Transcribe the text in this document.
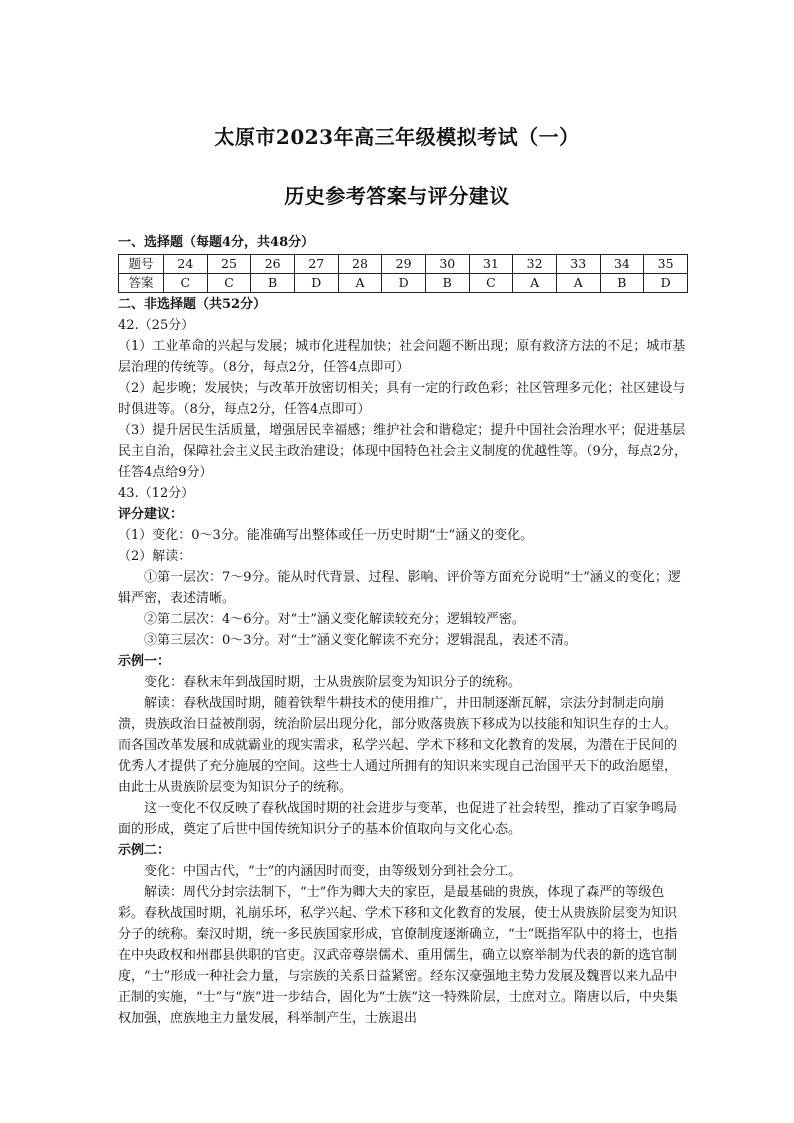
太原市2023年高三年级模拟考试（一）
历史参考答案与评分建议

一、选择题（每题4分，共48分）

题号	24	25	26	27	28	29	30	31	32	33	34	35
答案	C	C	B	D	A	D	B	C	A	A	B	D

二、非选择题（共52分）

42.（25分）

（1）工业革命的兴起与发展；城市化进程加快；社会问题不断出现；原有救济方法的不足；城市基层治理的传统等。（8分，每点2分，任答4点即可）

（2）起步晚；发展快；与改革开放密切相关；具有一定的行政色彩；社区管理多元化；社区建设与时俱进等。（8分，每点2分，任答4点即可）

（3）提升居民生活质量，增强居民幸福感；维护社会和谐稳定；提升中国社会治理水平；促进基层民主自治，保障社会主义民主政治建设；体现中国特色社会主义制度的优越性等。（9分，每点2分，任答4点给9分）

43.（12分）

评分建议：

（1）变化：0～3分。能准确写出整体或任一历史时期“士”涵义的变化。

（2）解读：

①第一层次：7～9分。能从时代背景、过程、影响、评价等方面充分说明“士”涵义的变化；逻辑严密，表述清晰。

②第二层次：4～6分。对“士”涵义变化解读较充分；逻辑较严密。

③第三层次：0～3分。对“士”涵义变化解读不充分；逻辑混乱，表述不清。

示例一：

变化：春秋末年到战国时期，士从贵族阶层变为知识分子的统称。

解读：春秋战国时期，随着铁犁牛耕技术的使用推广，井田制逐渐瓦解，宗法分封制走向崩溃，贵族政治日益被削弱，统治阶层出现分化，部分败落贵族下移成为以技能和知识生存的士人。而各国改革发展和成就霸业的现实需求，私学兴起、学术下移和文化教育的发展，为潜在于民间的优秀人才提供了充分施展的空间。这些士人通过所拥有的知识来实现自己治国平天下的政治愿望，由此士从贵族阶层变为知识分子的统称。

这一变化不仅反映了春秋战国时期的社会进步与变革，也促进了社会转型，推动了百家争鸣局面的形成，奠定了后世中国传统知识分子的基本价值取向与文化心态。

示例二：

变化：中国古代，“士”的内涵因时而变，由等级划分到社会分工。

解读：周代分封宗法制下，“士”作为卿大夫的家臣，是最基础的贵族，体现了森严的等级色彩。春秋战国时期，礼崩乐坏，私学兴起、学术下移和文化教育的发展，使士从贵族阶层变为知识分子的统称。秦汉时期，统一多民族国家形成，官僚制度逐渐确立，“士”既指军队中的将士，也指在中央政权和州郡县供职的官吏。汉武帝尊崇儒术、重用儒生，确立以察举制为代表的新的选官制度，“士”形成一种社会力量，与宗族的关系日益紧密。经东汉豪强地主势力发展及魏晋以来九品中正制的实施，“士”与“族”进一步结合，固化为“士族”这一特殊阶层，士庶对立。隋唐以后，中央集权加强，庶族地主力量发展，科举制产生，士族退出
